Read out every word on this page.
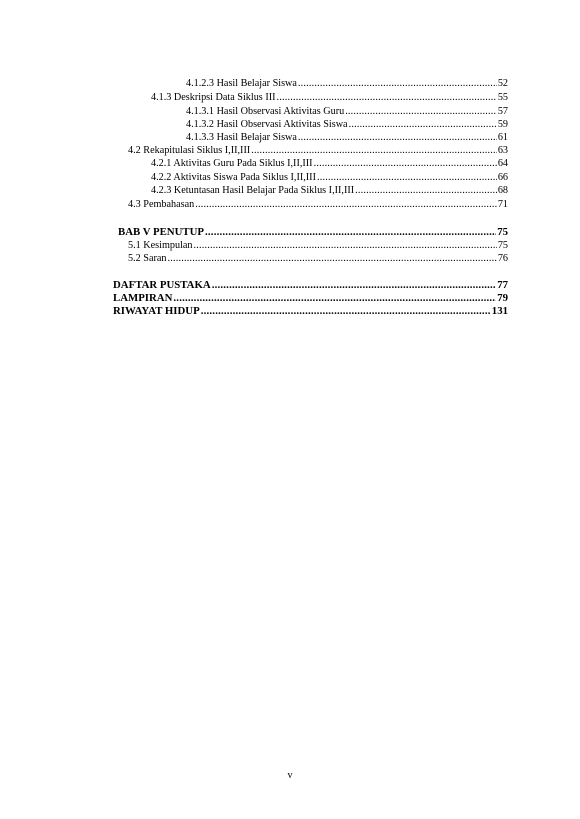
4.1.2.3 Hasil Belajar Siswa .....	52
4.1.3 Deskripsi Data Siklus III .....	55
4.1.3.1 Hasil Observasi Aktivitas Guru .....	57
4.1.3.2 Hasil Observasi Aktivitas Siswa .....	59
4.1.3.3 Hasil Belajar Siswa .....	61
4.2 Rekapitulasi Siklus I,II,III .....	63
4.2.1 Aktivitas Guru Pada Siklus I,II,III .....	64
4.2.2 Aktivitas Siswa Pada Siklus I,II,III .....	66
4.2.3 Ketuntasan Hasil Belajar Pada Siklus I,II,III .....	68
4.3 Pembahasan .....	71
BAB V PENUTUP .....	75
5.1 Kesimpulan .....	75
5.2 Saran .....	76
DAFTAR PUSTAKA .....	77
LAMPIRAN .....	79
RIWAYAT HIDUP .....	131
v
